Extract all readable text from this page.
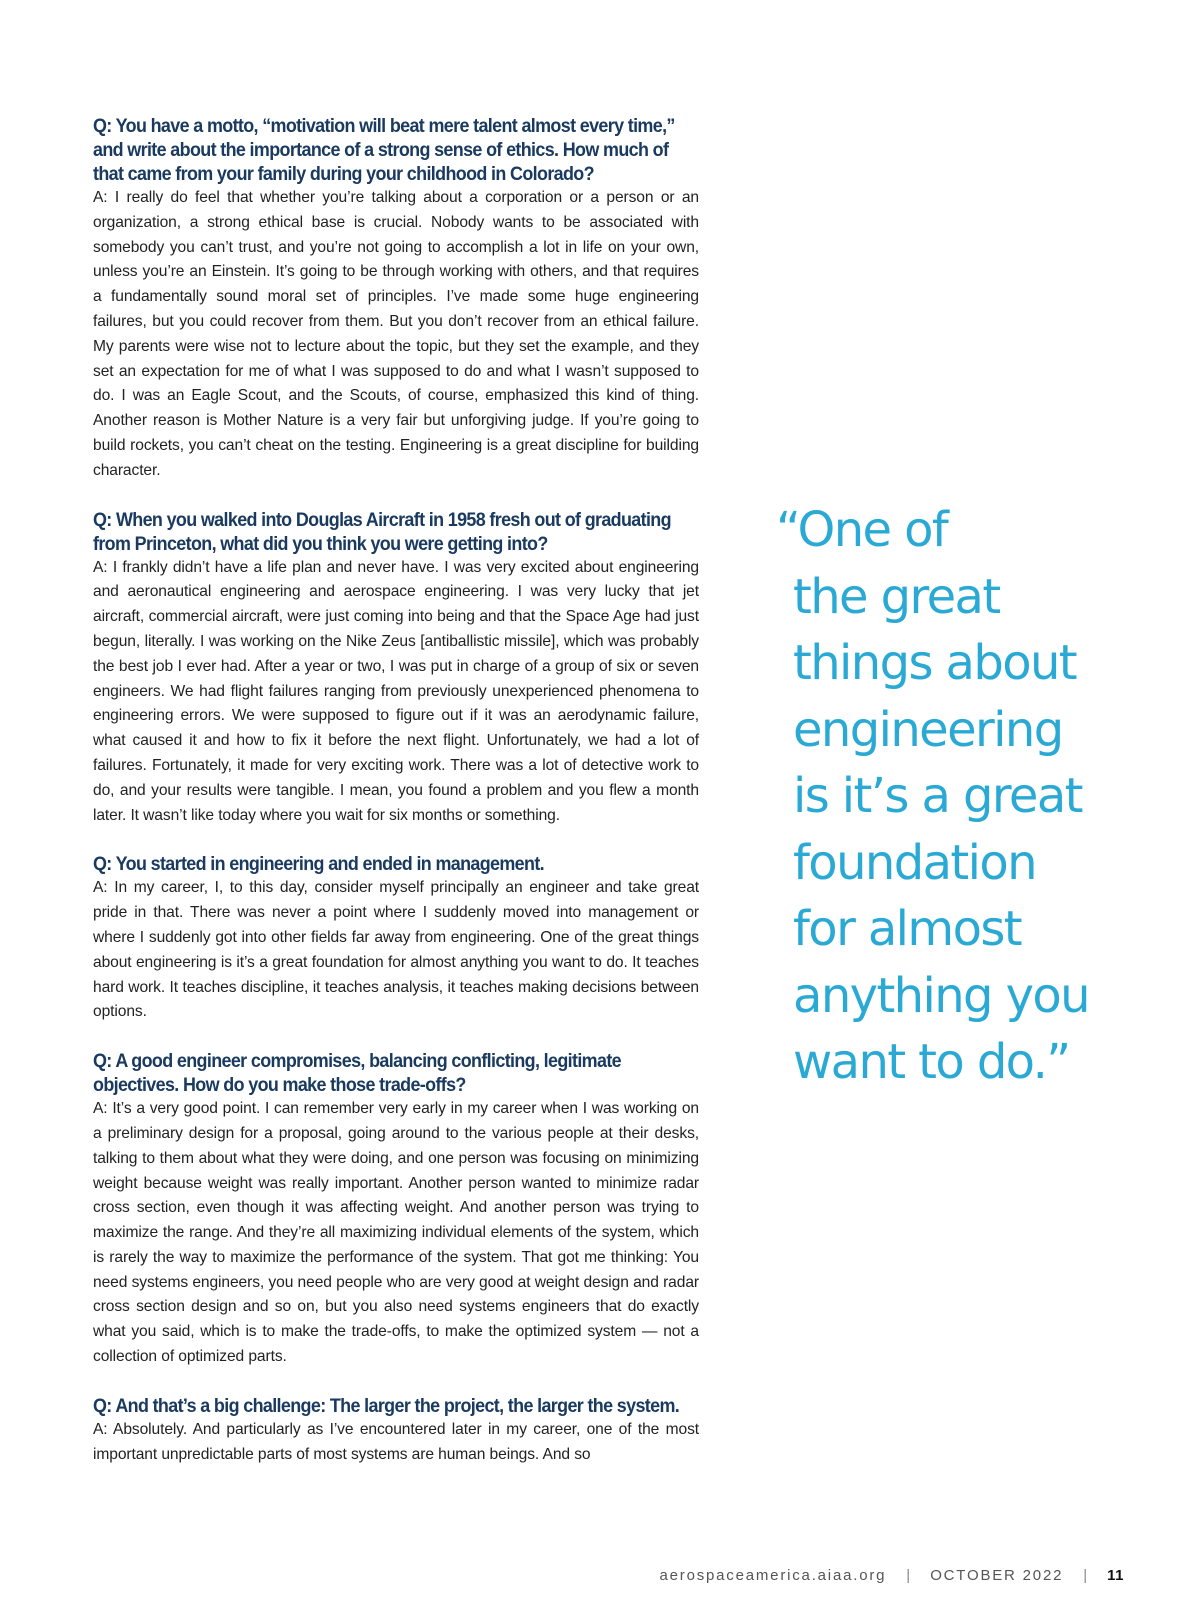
Q: You have a motto, “motivation will beat mere talent almost every time,” and write about the importance of a strong sense of ethics. How much of that came from your family during your childhood in Colorado?

A: I really do feel that whether you’re talking about a corporation or a person or an organization, a strong ethical base is crucial. Nobody wants to be associated with somebody you can’t trust, and you’re not going to accomplish a lot in life on your own, unless you’re an Einstein. It’s going to be through working with others, and that requires a fundamentally sound moral set of principles. I’ve made some huge engineering failures, but you could recover from them. But you don’t recover from an ethical failure. My parents were wise not to lecture about the topic, but they set the example, and they set an expectation for me of what I was supposed to do and what I wasn’t supposed to do. I was an Eagle Scout, and the Scouts, of course, emphasized this kind of thing. Another reason is Mother Nature is a very fair but unforgiving judge. If you’re going to build rockets, you can’t cheat on the testing. Engineering is a great discipline for building character.

Q: When you walked into Douglas Aircraft in 1958 fresh out of graduating from Princeton, what did you think you were getting into?

A: I frankly didn’t have a life plan and never have. I was very excited about engineering and aeronautical engineering and aerospace engineering. I was very lucky that jet aircraft, commercial aircraft, were just coming into being and that the Space Age had just begun, literally. I was working on the Nike Zeus [antiballistic missile], which was probably the best job I ever had. After a year or two, I was put in charge of a group of six or seven engineers. We had flight failures ranging from previously unexperienced phenomena to engineering errors. We were supposed to figure out if it was an aerodynamic failure, what caused it and how to fix it before the next flight. Unfortunately, we had a lot of failures. Fortunately, it made for very exciting work. There was a lot of detective work to do, and your results were tangible. I mean, you found a problem and you flew a month later. It wasn’t like today where you wait for six months or something.

Q: You started in engineering and ended in management.

A: In my career, I, to this day, consider myself principally an engineer and take great pride in that. There was never a point where I suddenly moved into management or where I suddenly got into other fields far away from engineering. One of the great things about engineering is it’s a great foundation for almost anything you want to do. It teaches hard work. It teaches discipline, it teaches analysis, it teaches making decisions between options.

Q: A good engineer compromises, balancing conflicting, legitimate objectives. How do you make those trade-offs?

A: It’s a very good point. I can remember very early in my career when I was working on a preliminary design for a proposal, going around to the various people at their desks, talking to them about what they were doing, and one person was focusing on minimizing weight because weight was really important. Another person wanted to minimize radar cross section, even though it was affecting weight. And another person was trying to maximize the range. And they’re all maximizing individual elements of the system, which is rarely the way to maximize the performance of the system. That got me thinking: You need systems engineers, you need people who are very good at weight design and radar cross section design and so on, but you also need systems engineers that do exactly what you said, which is to make the trade-offs, to make the optimized system — not a collection of optimized parts.

Q: And that’s a big challenge: The larger the project, the larger the system.

A: Absolutely. And particularly as I’ve encountered later in my career, one of the most important unpredictable parts of most systems are human beings. And so

“One of
the great
things about
engineering
is it’s a great
foundation
for almost
anything you
want to do.”
aerospaceamerica.aiaa.org | OCTOBER 2022 | 11
